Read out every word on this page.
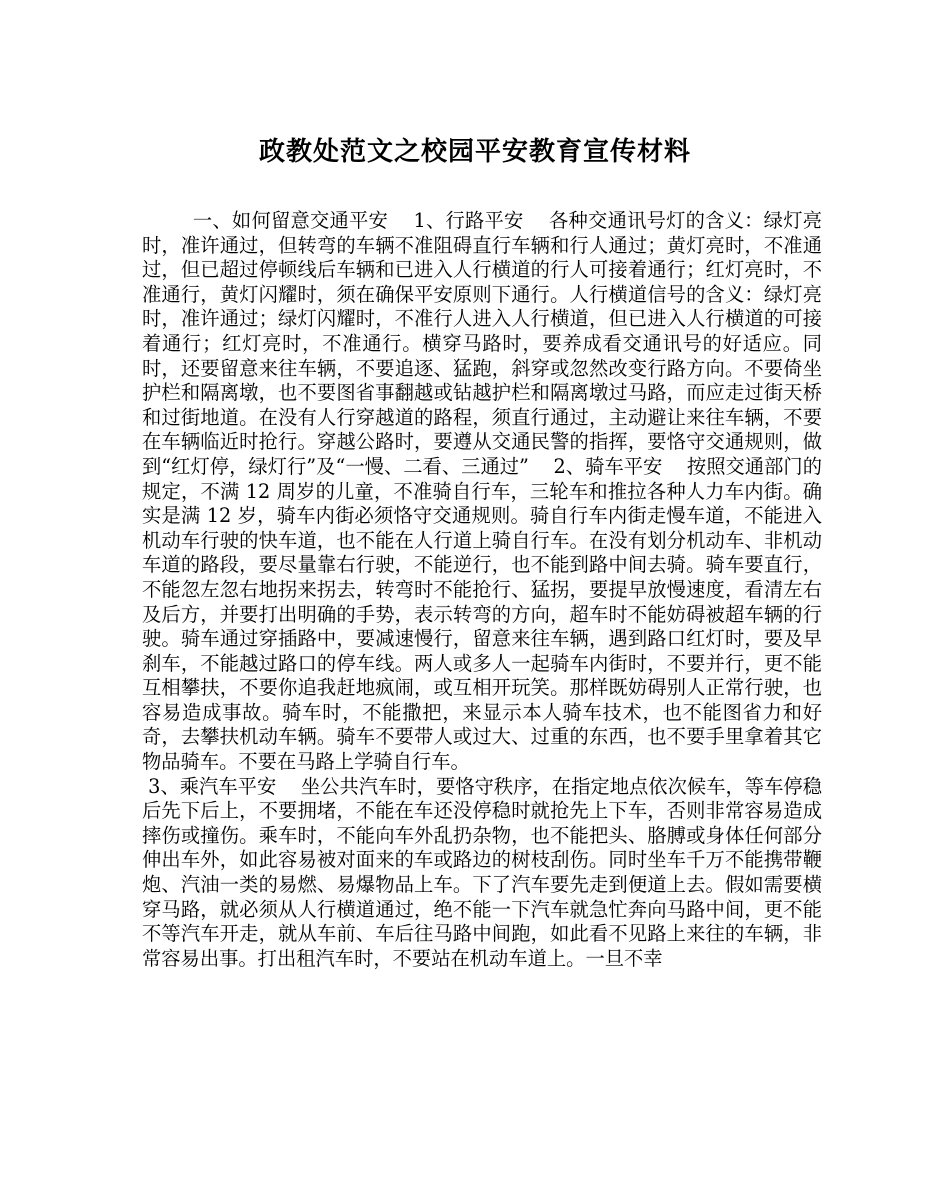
政教处范文之校园平安教育宣传材料
一、如何留意交通平安    1、行路平安    各种交通讯号灯的含义：绿灯亮时，准许通过，但转弯的车辆不准阻碍直行车辆和行人通过；黄灯亮时，不准通过，但已超过停顿线后车辆和已进入人行横道的行人可接着通行；红灯亮时，不准通行，黄灯闪耀时，须在确保平安原则下通行。人行横道信号的含义：绿灯亮时，准许通过；绿灯闪耀时，不准行人进入人行横道，但已进入人行横道的可接着通行；红灯亮时，不准通行。横穿马路时，要养成看交通讯号的好适应。同时，还要留意来往车辆，不要追逐、猛跑，斜穿或忽然改变行路方向。不要倚坐护栏和隔离墩，也不要图省事翻越或钻越护栏和隔离墩过马路，而应走过街天桥和过街地道。在没有人行穿越道的路程，须直行通过，主动避让来往车辆，不要在车辆临近时抢行。穿越公路时，要遵从交通民警的指挥，要恪守交通规则，做到“红灯停，绿灯行”及“一慢、二看、三通过”    2、骑车平安    按照交通部门的规定，不满 12 周岁的儿童，不准骑自行车，三轮车和推拉各种人力车内街。确实是满 12 岁，骑车内街必须恪守交通规则。骑自行车内街走慢车道，不能进入机动车行驶的快车道，也不能在人行道上骑自行车。在没有划分机动车、非机动车道的路段，要尽量靠右行驶，不能逆行，也不能到路中间去骑。骑车要直行，不能忽左忽右地拐来拐去，转弯时不能抢行、猛拐，要提早放慢速度，看清左右及后方，并要打出明确的手势，表示转弯的方向，超车时不能妨碍被超车辆的行驶。骑车通过穿插路中，要减速慢行，留意来往车辆，遇到路口红灯时，要及早刹车，不能越过路口的停车线。两人或多人一起骑车内街时，不要并行，更不能互相攀扶，不要你追我赶地疯闹，或互相开玩笑。那样既妨碍别人正常行驶，也容易造成事故。骑车时，不能撒把，来显示本人骑车技术，也不能图省力和好奇，去攀扶机动车辆。骑车不要带人或过大、过重的东西，也不要手里拿着其它物品骑车。不要在马路上学骑自行车。
3、乘汽车平安    坐公共汽车时，要恪守秩序，在指定地点依次候车，等车停稳后先下后上，不要拥堵，不能在车还没停稳时就抢先上下车，否则非常容易造成摔伤或撞伤。乘车时，不能向车外乱扔杂物，也不能把头、胳膊或身体任何部分伸出车外，如此容易被对面来的车或路边的树枝刮伤。同时坐车千万不能携带鞭炮、汽油一类的易燃、易爆物品上车。下了汽车要先走到便道上去。假如需要横穿马路，就必须从人行横道通过，绝不能一下汽车就急忙奔向马路中间，更不能不等汽车开走，就从车前、车后往马路中间跑，如此看不见路上来往的车辆，非常容易出事。打出租汽车时，不要站在机动车道上。一旦不幸
